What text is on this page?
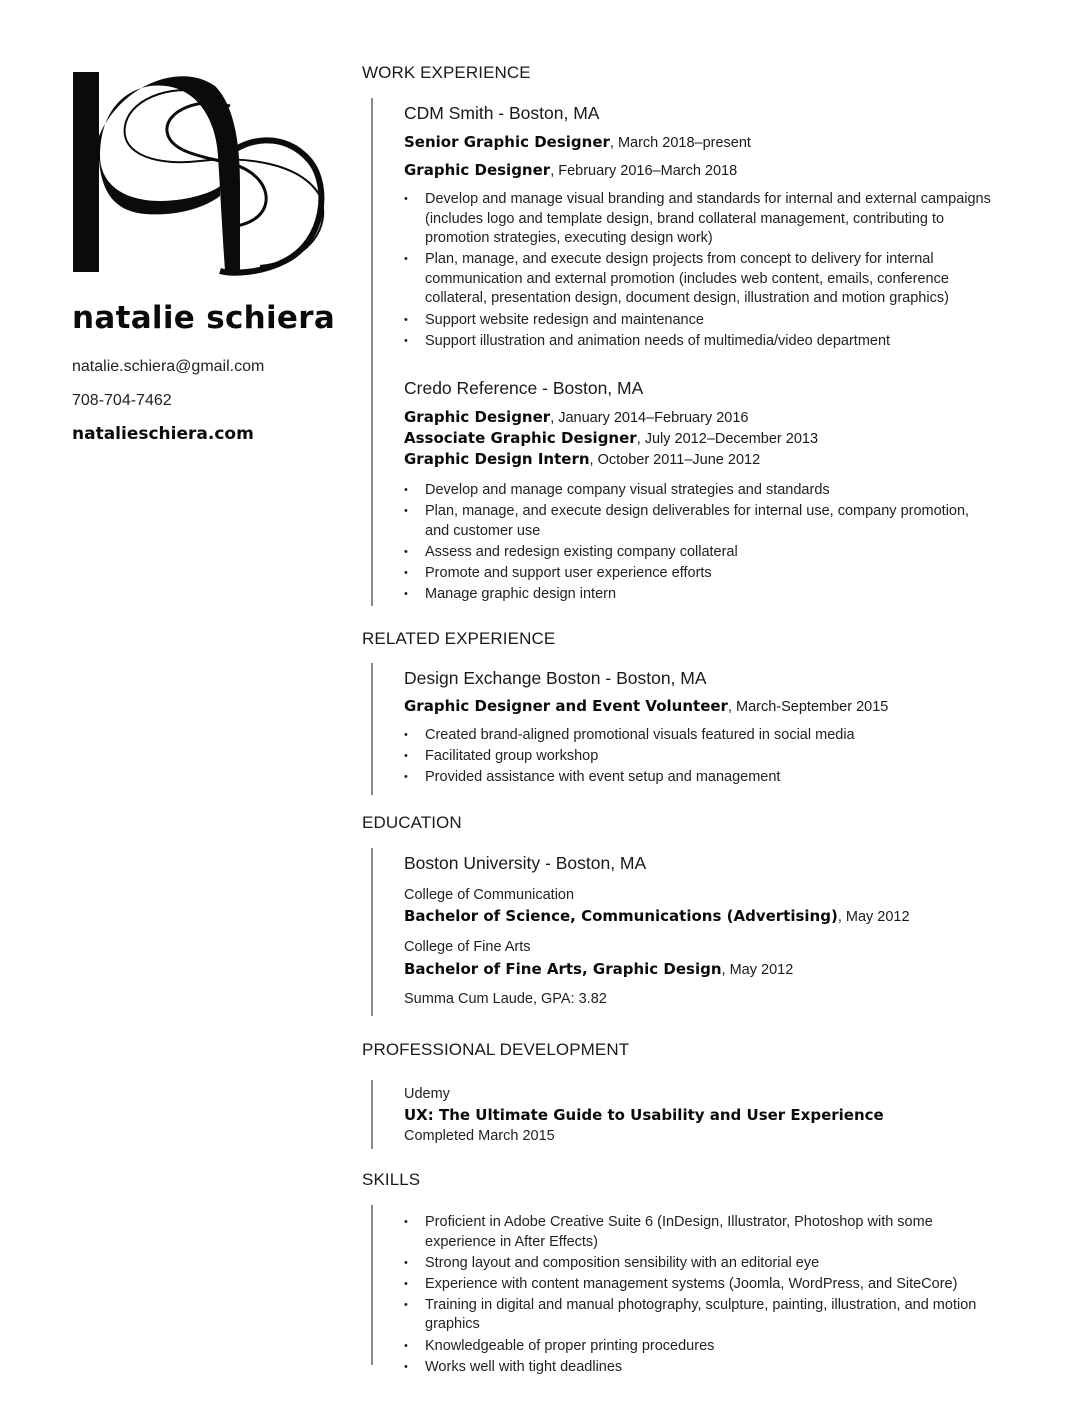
natalie schiera
natalie.schiera@gmail.com
708-704-7462
natalieschiera.com
WORK EXPERIENCE
CDM Smith - Boston, MA
Senior Graphic Designer, March 2018–present
Graphic Designer, February 2016–March 2018
• Develop and manage visual branding and standards for internal and external campaigns (includes logo and template design, brand collateral management, contributing to promotion strategies, executing design work)
• Plan, manage, and execute design projects from concept to delivery for internal communication and external promotion (includes web content, emails, conference collateral, presentation design, document design, illustration and motion graphics)
• Support website redesign and maintenance
• Support illustration and animation needs of multimedia/video department
Credo Reference - Boston, MA
Graphic Designer, January 2014–February 2016
Associate Graphic Designer, July 2012–December 2013
Graphic Design Intern, October 2011–June 2012
• Develop and manage company visual strategies and standards
• Plan, manage, and execute design deliverables for internal use, company promotion, and customer use
• Assess and redesign existing company collateral
• Promote and support user experience efforts
• Manage graphic design intern
RELATED EXPERIENCE
Design Exchange Boston - Boston, MA
Graphic Designer and Event Volunteer, March-September 2015
• Created brand-aligned promotional visuals featured in social media
• Facilitated group workshop
• Provided assistance with event setup and management
EDUCATION
Boston University - Boston, MA
College of Communication
Bachelor of Science, Communications (Advertising), May 2012
College of Fine Arts
Bachelor of Fine Arts, Graphic Design, May 2012
Summa Cum Laude, GPA: 3.82
PROFESSIONAL DEVELOPMENT
Udemy
UX: The Ultimate Guide to Usability and User Experience
Completed March 2015
SKILLS
• Proficient in Adobe Creative Suite 6 (InDesign, Illustrator, Photoshop with some experience in After Effects)
• Strong layout and composition sensibility with an editorial eye
• Experience with content management systems (Joomla, WordPress, and SiteCore)
• Training in digital and manual photography, sculpture, painting, illustration, and motion graphics
• Knowledgeable of proper printing procedures
• Works well with tight deadlines
